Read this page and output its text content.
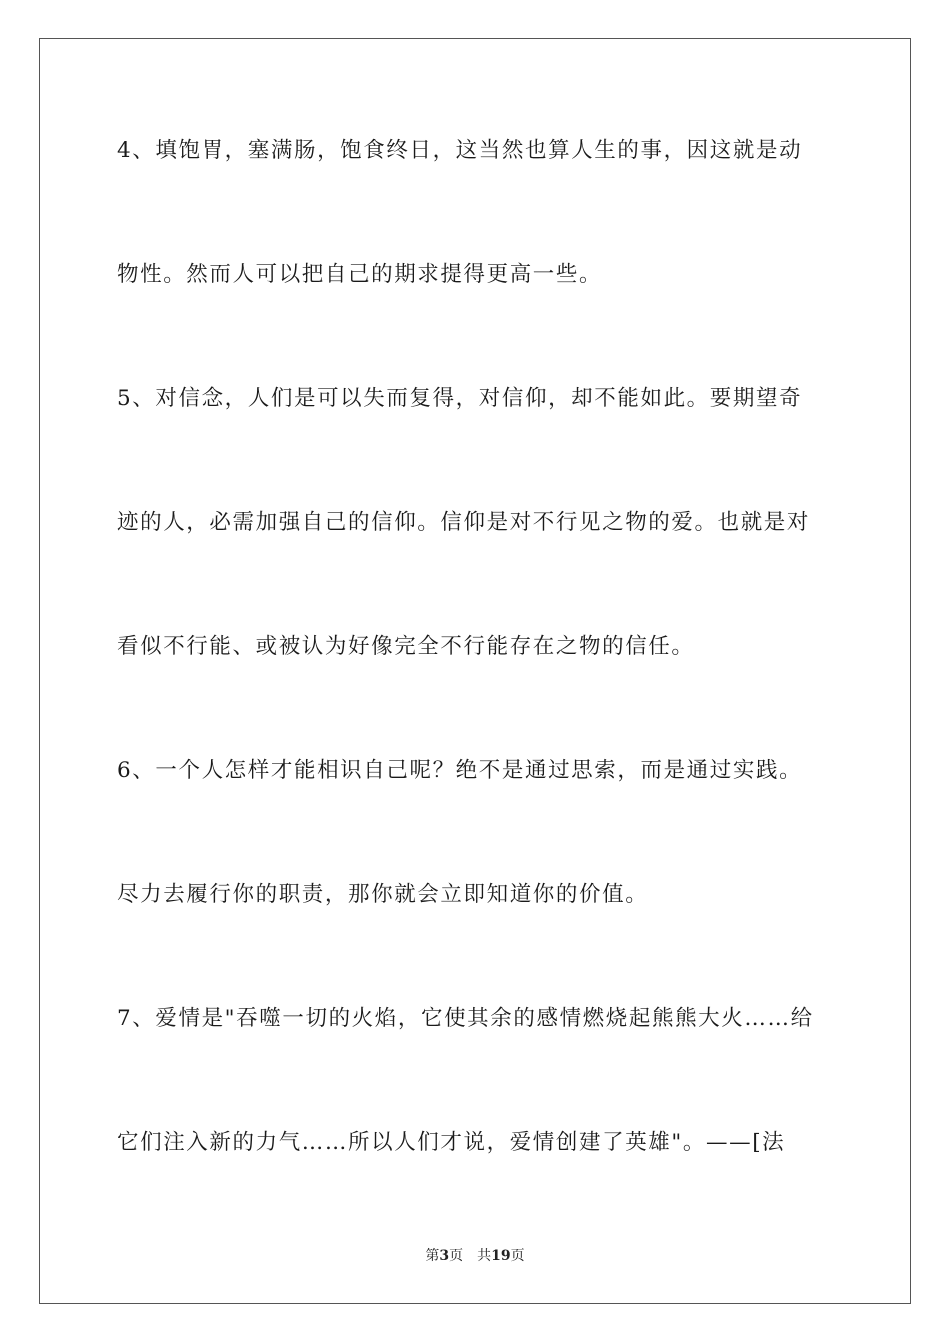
4、填饱胃，塞满肠，饱食终日，这当然也算人生的事，因这就是动
物性。然而人可以把自己的期求提得更高一些。
5、对信念，人们是可以失而复得，对信仰，却不能如此。要期望奇
迹的人，必需加强自己的信仰。信仰是对不行见之物的爱。也就是对
看似不行能、或被认为好像完全不行能存在之物的信任。
6、一个人怎样才能相识自己呢？绝不是通过思索，而是通过实践。
尽力去履行你的职责，那你就会立即知道你的价值。
7、爱情是"吞噬一切的火焰，它使其余的感情燃烧起熊熊大火……给
它们注入新的力气……所以人们才说，爱情创建了英雄"。——[法
第3页 共19页
